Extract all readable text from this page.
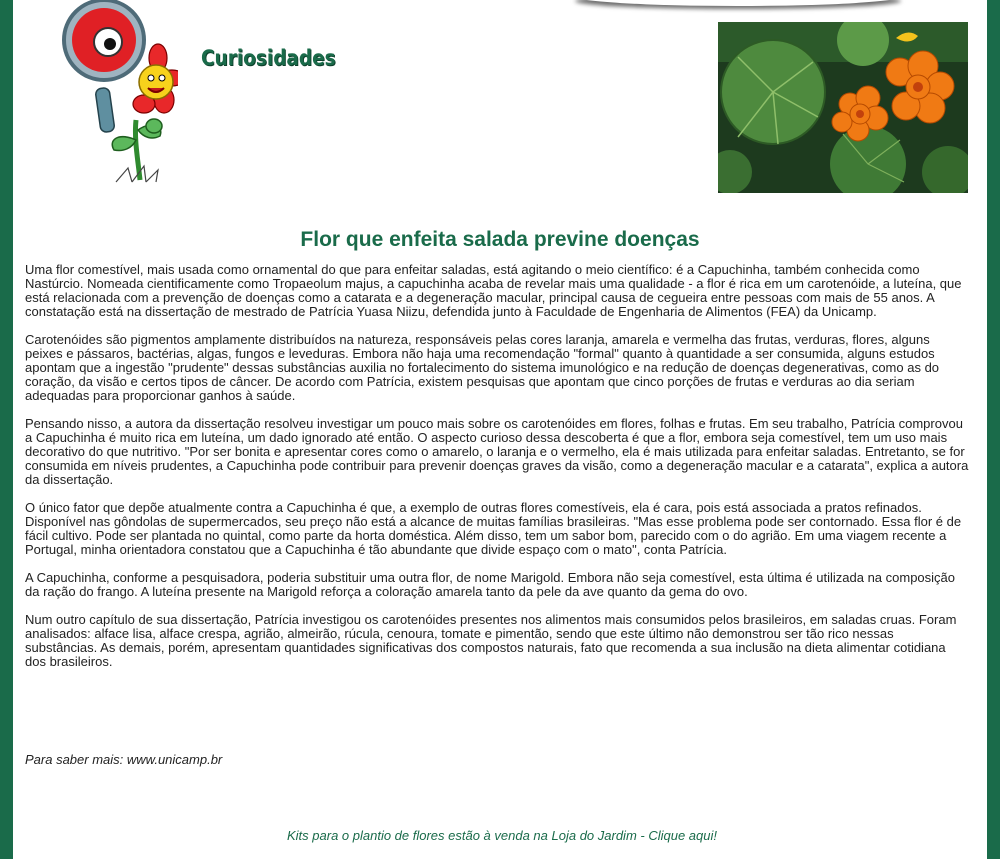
Curiosidades
Flor que enfeita salada previne doenças

Uma flor comestível, mais usada como ornamental do que para enfeitar saladas, está agitando o meio científico: é a Capuchinha, também conhecida como Nastúrcio. Nomeada cientificamente como Tropaeolum majus, a capuchinha acaba de revelar mais uma qualidade - a flor é rica em um carotenóide, a luteína, que está relacionada com a prevenção de doenças como a catarata e a degeneração macular, principal causa de cegueira entre pessoas com mais de 55 anos. A constatação está na dissertação de mestrado de Patrícia Yuasa Niizu, defendida junto à Faculdade de Engenharia de Alimentos (FEA) da Unicamp.

Carotenóides são pigmentos amplamente distribuídos na natureza, responsáveis pelas cores laranja, amarela e vermelha das frutas, verduras, flores, alguns peixes e pássaros, bactérias, algas, fungos e leveduras. Embora não haja uma recomendação "formal" quanto à quantidade a ser consumida, alguns estudos apontam que a ingestão "prudente" dessas substâncias auxilia no fortalecimento do sistema imunológico e na redução de doenças degenerativas, como as do coração, da visão e certos tipos de câncer. De acordo com Patrícia, existem pesquisas que apontam que cinco porções de frutas e verduras ao dia seriam adequadas para proporcionar ganhos à saúde.

Pensando nisso, a autora da dissertação resolveu investigar um pouco mais sobre os carotenóides em flores, folhas e frutas. Em seu trabalho, Patrícia comprovou a Capuchinha é muito rica em luteína, um dado ignorado até então. O aspecto curioso dessa descoberta é que a flor, embora seja comestível, tem um uso mais decorativo do que nutritivo. "Por ser bonita e apresentar cores como o amarelo, o laranja e o vermelho, ela é mais utilizada para enfeitar saladas. Entretanto, se for consumida em níveis prudentes, a Capuchinha pode contribuir para prevenir doenças graves da visão, como a degeneração macular e a catarata", explica a autora da dissertação.

O único fator que depõe atualmente contra a Capuchinha é que, a exemplo de outras flores comestíveis, ela é cara, pois está associada a pratos refinados. Disponível nas gôndolas de supermercados, seu preço não está a alcance de muitas famílias brasileiras. "Mas esse problema pode ser contornado. Essa flor é de fácil cultivo. Pode ser plantada no quintal, como parte da horta doméstica. Além disso, tem um sabor bom, parecido com o do agrião. Em uma viagem recente a Portugal, minha orientadora constatou que a Capuchinha é tão abundante que divide espaço com o mato", conta Patrícia.

A Capuchinha, conforme a pesquisadora, poderia substituir uma outra flor, de nome Marigold. Embora não seja comestível, esta última é utilizada na composição da ração do frango. A luteína presente na Marigold reforça a coloração amarela tanto da pele da ave quanto da gema do ovo.

Num outro capítulo de sua dissertação, Patrícia investigou os carotenóides presentes nos alimentos mais consumidos pelos brasileiros, em saladas cruas. Foram analisados: alface lisa, alface crespa, agrião, almeirão, rúcula, cenoura, tomate e pimentão, sendo que este último não demonstrou ser tão rico nessas substâncias. As demais, porém, apresentam quantidades significativas dos compostos naturais, fato que recomenda a sua inclusão na dieta alimentar cotidiana dos brasileiros.

Para saber mais: www.unicamp.br
Kits para o plantio de flores estão à venda na Loja do Jardim - Clique aqui!
